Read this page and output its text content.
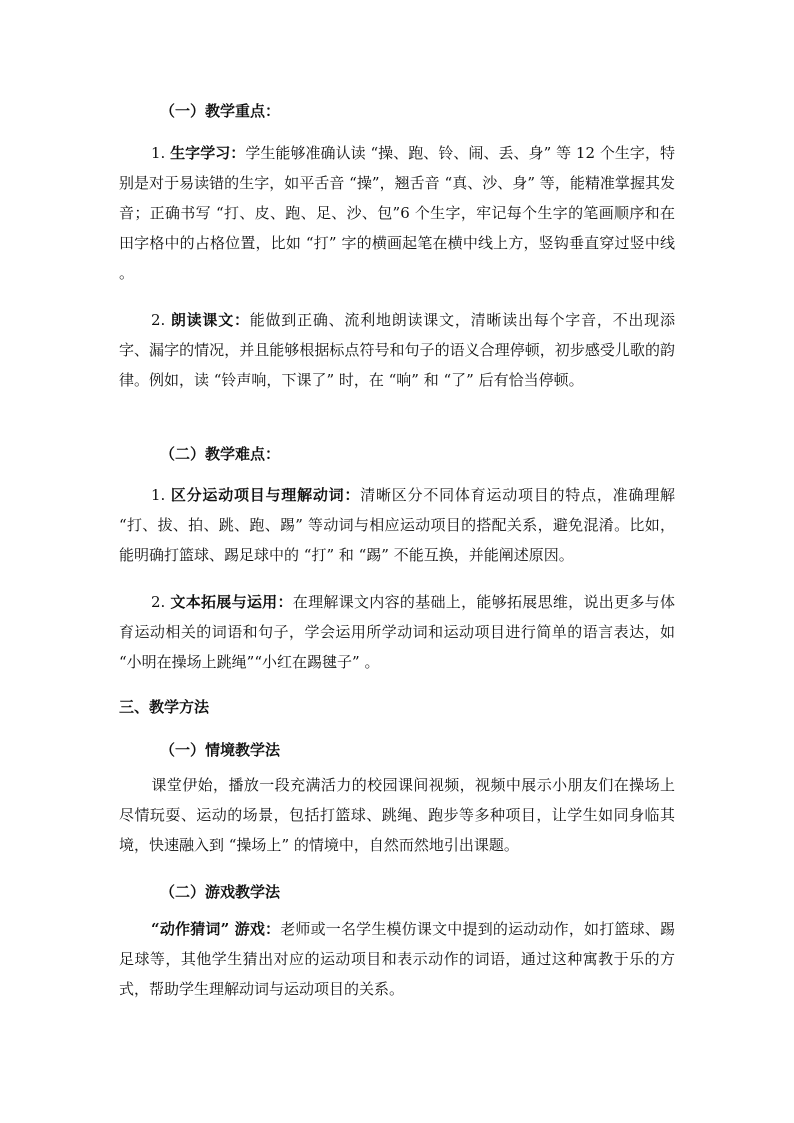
（一）教学重点：
1. 生字学习：学生能够准确认读 “操、跑、铃、闹、丢、身” 等 12 个生字，特别是对于易读错的生字，如平舌音 “操”，翘舌音 “真、沙、身” 等，能精准掌握其发音；正确书写 “打、皮、跑、足、沙、包”6 个生字，牢记每个生字的笔画顺序和在田字格中的占格位置，比如 “打” 字的横画起笔在横中线上方，竖钩垂直穿过竖中线 。
2. 朗读课文：能做到正确、流利地朗读课文，清晰读出每个字音，不出现添字、漏字的情况，并且能够根据标点符号和句子的语义合理停顿，初步感受儿歌的韵律。例如，读 “铃声响，下课了” 时，在 “响” 和 “了” 后有恰当停顿。
（二）教学难点：
1. 区分运动项目与理解动词：清晰区分不同体育运动项目的特点，准确理解 “打、拔、拍、跳、跑、踢” 等动词与相应运动项目的搭配关系，避免混淆。比如，能明确打篮球、踢足球中的 “打” 和 “踢” 不能互换，并能阐述原因。
2. 文本拓展与运用：在理解课文内容的基础上，能够拓展思维，说出更多与体育运动相关的词语和句子，学会运用所学动词和运动项目进行简单的语言表达，如 “小明在操场上跳绳”“小红在踢毽子” 。
三、教学方法
（一）情境教学法
课堂伊始，播放一段充满活力的校园课间视频，视频中展示小朋友们在操场上尽情玩耍、运动的场景，包括打篮球、跳绳、跑步等多种项目，让学生如同身临其境，快速融入到 “操场上” 的情境中，自然而然地引出课题。
（二）游戏教学法
“动作猜词” 游戏：老师或一名学生模仿课文中提到的运动动作，如打篮球、踢足球等，其他学生猜出对应的运动项目和表示动作的词语，通过这种寓教于乐的方式，帮助学生理解动词与运动项目的关系。
